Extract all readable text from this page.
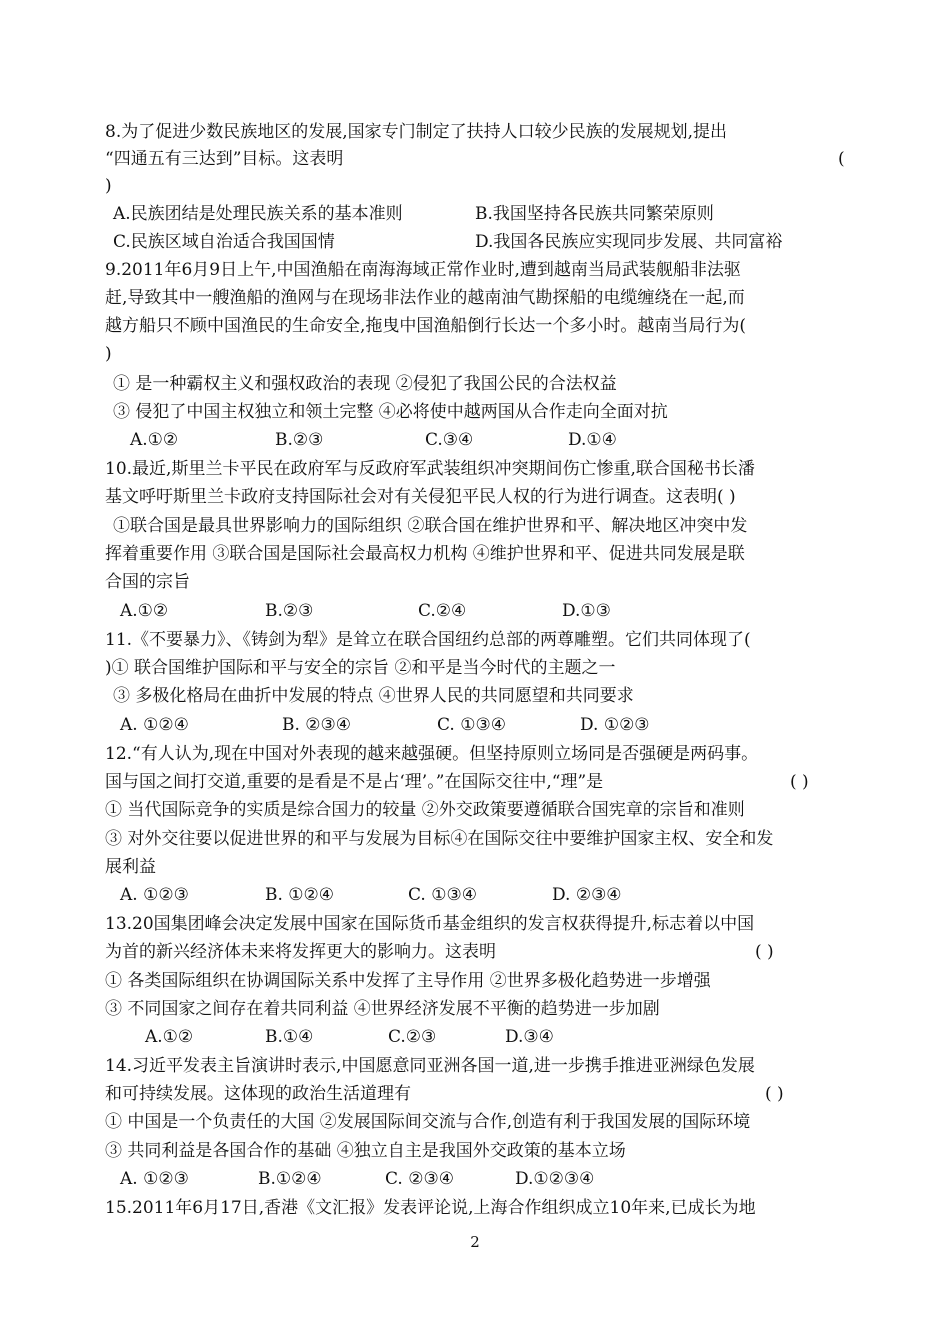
8.为了促进少数民族地区的发展,国家专门制定了扶持人口较少民族的发展规划,提出
“四通五有三达到”目标。这表明	(
)
A.民族团结是处理民族关系的基本准则	B.我国坚持各民族共同繁荣原则
C.民族区域自治适合我国国情	D.我国各民族应实现同步发展、共同富裕
9.2011年6月9日上午,中国渔船在南海海域正常作业时,遭到越南当局武装舰船非法驱
赶,导致其中一艘渔船的渔网与在现场非法作业的越南油气勘探船的电缆缠绕在一起,而
越方船只不顾中国渔民的生命安全,拖曳中国渔船倒行长达一个多小时。越南当局行为(
)
① 是一种霸权主义和强权政治的表现 ②侵犯了我国公民的合法权益
③ 侵犯了中国主权独立和领土完整 ④必将使中越两国从合作走向全面对抗
A.①②	B.②③	C.③④	D.①④
10.最近,斯里兰卡平民在政府军与反政府军武装组织冲突期间伤亡惨重,联合国秘书长潘
基文呼吁斯里兰卡政府支持国际社会对有关侵犯平民人权的行为进行调查。这表明( )
①联合国是最具世界影响力的国际组织 ②联合国在维护世界和平、解决地区冲突中发
挥着重要作用 ③联合国是国际社会最高权力机构 ④维护世界和平、促进共同发展是联
合国的宗旨
A.①②	B.②③	C.②④	D.①③
11.《不要暴力》、《铸剑为犁》是耸立在联合国纽约总部的两尊雕塑。它们共同体现了(
)① 联合国维护国际和平与安全的宗旨 ②和平是当今时代的主题之一
③ 多极化格局在曲折中发展的特点 ④世界人民的共同愿望和共同要求
A. ①②④	B. ②③④	C. ①③④	D. ①②③
12.“有人认为,现在中国对外表现的越来越强硬。但坚持原则立场同是否强硬是两码事。
国与国之间打交道,重要的是看是不是占‘理’。”在国际交往中,“理”是	( )
① 当代国际竞争的实质是综合国力的较量 ②外交政策要遵循联合国宪章的宗旨和准则
③ 对外交往要以促进世界的和平与发展为目标④在国际交往中要维护国家主权、安全和发
展利益
A. ①②③	B. ①②④	C. ①③④	D. ②③④
13.20国集团峰会决定发展中国家在国际货币基金组织的发言权获得提升,标志着以中国
为首的新兴经济体未来将发挥更大的影响力。这表明	( )
① 各类国际组织在协调国际关系中发挥了主导作用 ②世界多极化趋势进一步增强
③ 不同国家之间存在着共同利益 ④世界经济发展不平衡的趋势进一步加剧
A.①②	B.①④	C.②③	D.③④
14.习近平发表主旨演讲时表示,中国愿意同亚洲各国一道,进一步携手推进亚洲绿色发展
和可持续发展。这体现的政治生活道理有	( )
① 中国是一个负责任的大国 ②发展国际间交流与合作,创造有利于我国发展的国际环境
③ 共同利益是各国合作的基础 ④独立自主是我国外交政策的基本立场
A. ①②③	B.①②④	C. ②③④	D.①②③④
15.2011年6月17日,香港《文汇报》发表评论说,上海合作组织成立10年来,已成长为地
2
